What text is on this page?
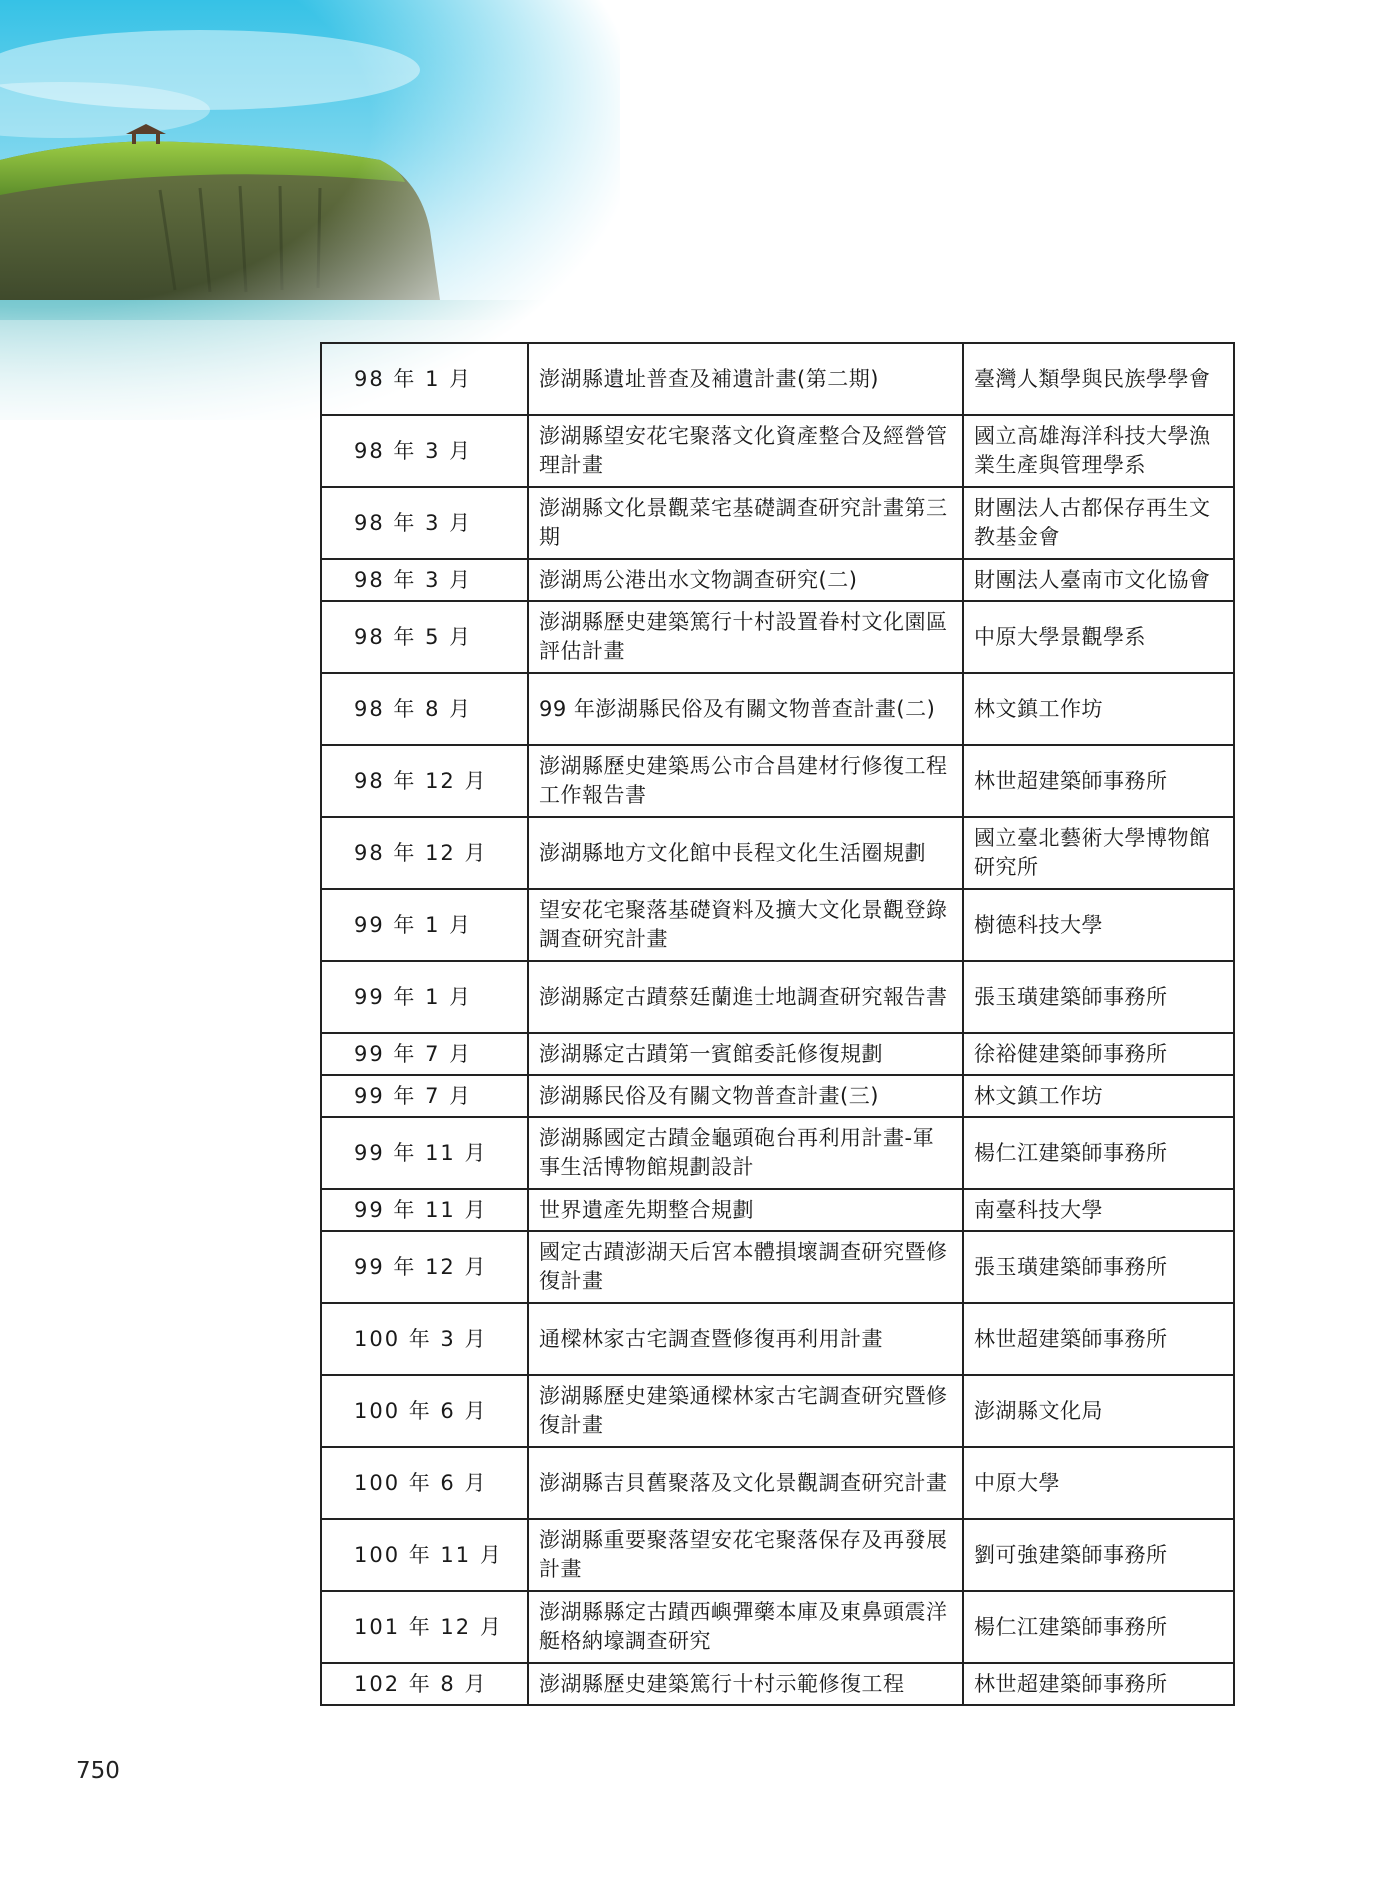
98 年 1 月	澎湖縣遺址普查及補遺計畫(第二期)	臺灣人類學與民族學學會
98 年 3 月	澎湖縣望安花宅聚落文化資產整合及經營管理計畫	國立高雄海洋科技大學漁業生產與管理學系
98 年 3 月	澎湖縣文化景觀菜宅基礎調查研究計畫第三期	財團法人古都保存再生文教基金會
98 年 3 月	澎湖馬公港出水文物調查研究(二)	財團法人臺南市文化協會
98 年 5 月	澎湖縣歷史建築篤行十村設置眷村文化園區評估計畫	中原大學景觀學系
98 年 8 月	99 年澎湖縣民俗及有關文物普查計畫(二)	林文鎮工作坊
98 年 12 月	澎湖縣歷史建築馬公市合昌建材行修復工程工作報告書	林世超建築師事務所
98 年 12 月	澎湖縣地方文化館中長程文化生活圈規劃	國立臺北藝術大學博物館研究所
99 年 1 月	望安花宅聚落基礎資料及擴大文化景觀登錄調查研究計畫	樹德科技大學
99 年 1 月	澎湖縣定古蹟蔡廷蘭進士地調查研究報告書	張玉璜建築師事務所
99 年 7 月	澎湖縣定古蹟第一賓館委託修復規劃	徐裕健建築師事務所
99 年 7 月	澎湖縣民俗及有關文物普查計畫(三)	林文鎮工作坊
99 年 11 月	澎湖縣國定古蹟金龜頭砲台再利用計畫-軍事生活博物館規劃設計	楊仁江建築師事務所
99 年 11 月	世界遺產先期整合規劃	南臺科技大學
99 年 12 月	國定古蹟澎湖天后宮本體損壞調查研究暨修復計畫	張玉璜建築師事務所
100 年 3 月	通樑林家古宅調查暨修復再利用計畫	林世超建築師事務所
100 年 6 月	澎湖縣歷史建築通樑林家古宅調查研究暨修復計畫	澎湖縣文化局
100 年 6 月	澎湖縣吉貝舊聚落及文化景觀調查研究計畫	中原大學
100 年 11 月	澎湖縣重要聚落望安花宅聚落保存及再發展計畫	劉可強建築師事務所
101 年 12 月	澎湖縣縣定古蹟西嶼彈藥本庫及東鼻頭震洋艇格納壕調查研究	楊仁江建築師事務所
102 年 8 月	澎湖縣歷史建築篤行十村示範修復工程	林世超建築師事務所
750
